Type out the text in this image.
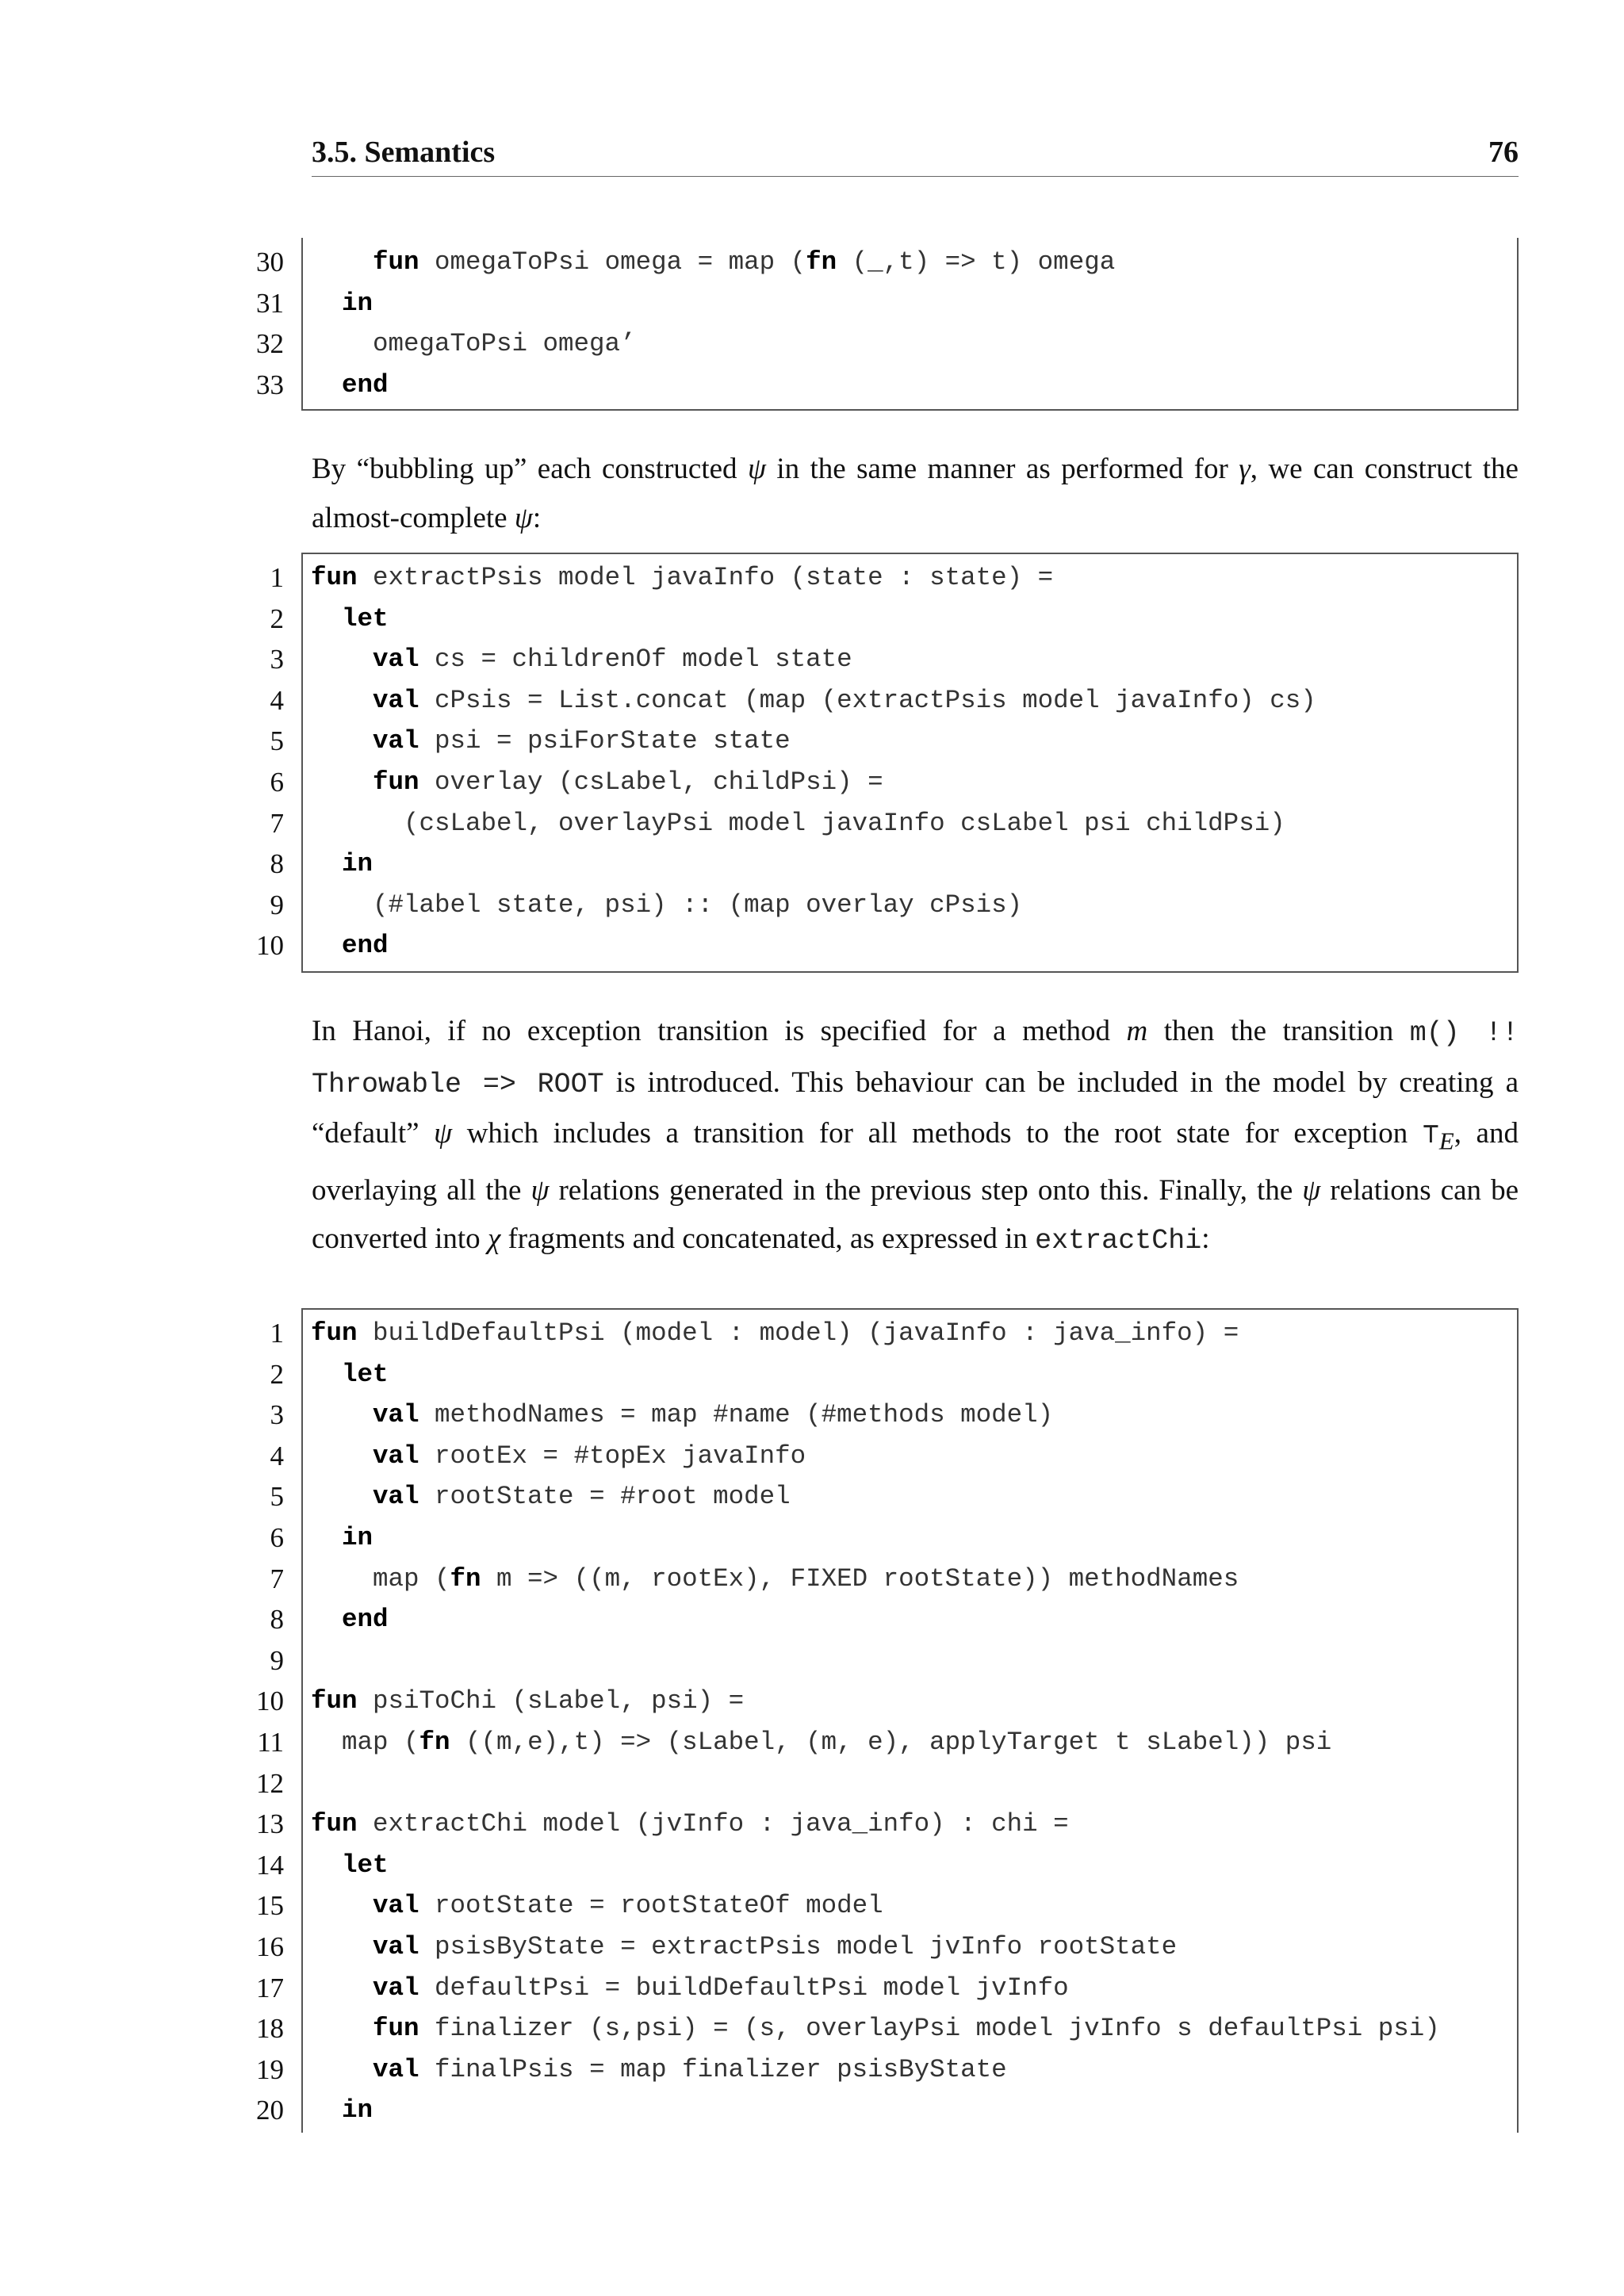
3.5. Semantics	76
30	fun omegaToPsi omega = map (fn (_,t) => t) omega
31	in
32 omegaToPsi omega’
33	end

By “bubbling up” each constructed ψ in the same manner as performed for γ, we can construct the almost-complete ψ:

1 fun extractPsis model javaInfo (state : state) =
2	let
3	val cs = childrenOf model state
4	val cPsis = List.concat (map (extractPsis model javaInfo) cs)
5	val psi = psiForState state
6	fun overlay (csLabel, childPsi) =
7 (csLabel, overlayPsi model javaInfo csLabel psi childPsi)
8	in
9 (#label state, psi) :: (map overlay cPsis)
10	end

In Hanoi, if no exception transition is specified for a method m then the transition m() !! Throwable => ROOT is introduced. This behaviour can be included in the model by creating a “default” ψ which includes a transition for all methods to the root state for exception $⊤_E$, and overlaying all the ψ relations generated in the previous step onto this. Finally, the ψ relations can be converted into χ fragments and concatenated, as expressed in extractChi:

1 fun buildDefaultPsi (model : model) (javaInfo : java_info) =
2	let
3	val methodNames = map #name (#methods model)
4	val rootEx = #topEx javaInfo
5	val rootState = #root model
6	in
7 map (fn m => ((m, rootEx), FIXED rootState)) methodNames
8	end
9
10 fun psiToChi (sLabel, psi) =
11 map (fn ((m,e),t) => (sLabel, (m, e), applyTarget t sLabel)) psi
12
13 fun extractChi model (jvInfo : java_info) : chi =
14	let
15	val rootState = rootStateOf model
16	val psisByState = extractPsis model jvInfo rootState
17	val defaultPsi = buildDefaultPsi model jvInfo
18	fun finalizer (s,psi) = (s, overlayPsi model jvInfo s defaultPsi psi)
19	val finalPsis = map finalizer psisByState
20	in
